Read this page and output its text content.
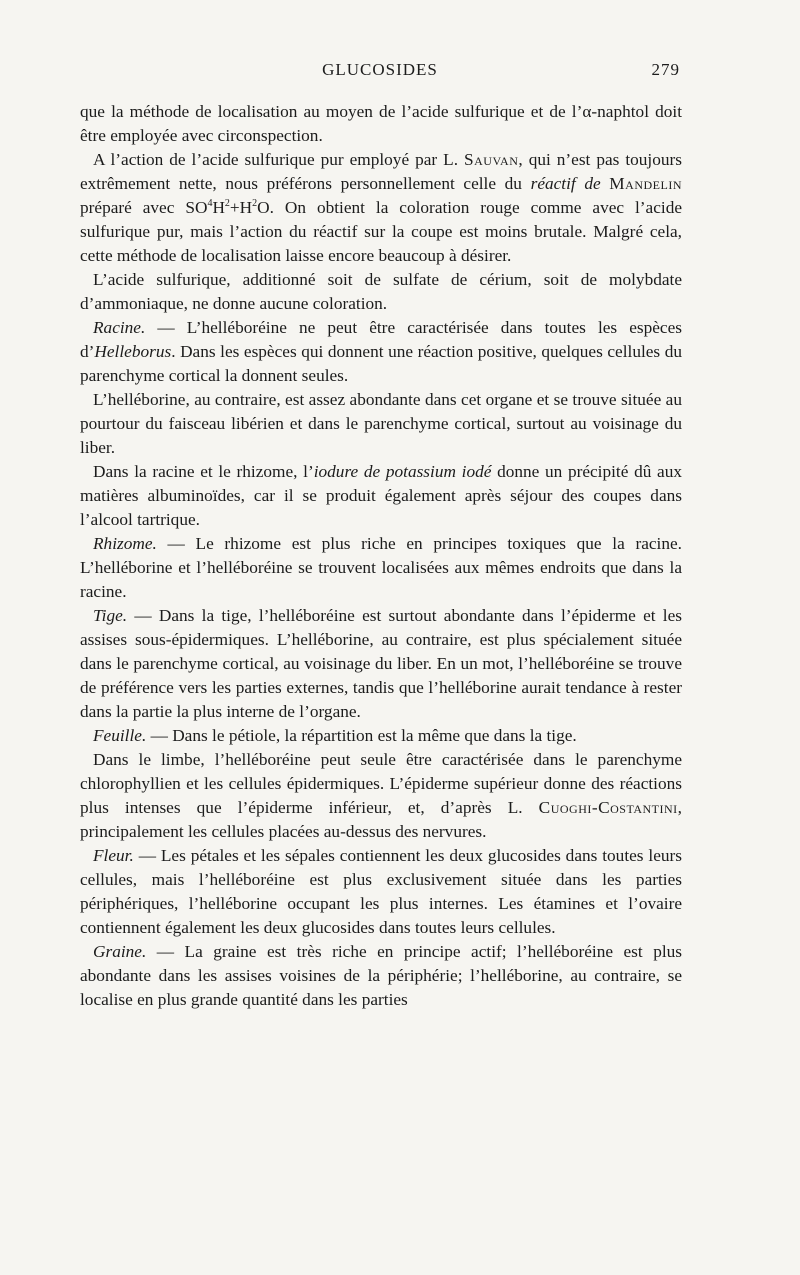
GLUCOSIDES	279

que la méthode de localisation au moyen de l’acide sulfurique et de l’α-naphtol doit être employée avec circonspection.

A l’action de l’acide sulfurique pur employé par L. Sauvan, qui n’est pas toujours extrêmement nette, nous préférons personnellement celle du réactif de Mandelin préparé avec $SO^4H^2+H^2O$. On obtient la coloration rouge comme avec l’acide sulfurique pur, mais l’action du réactif sur la coupe est moins brutale. Malgré cela, cette méthode de localisation laisse encore beaucoup à désirer.

L’acide sulfurique, additionné soit de sulfate de cérium, soit de molybdate d’ammoniaque, ne donne aucune coloration.

Racine. — L’helléboréine ne peut être caractérisée dans toutes les espèces d’Helleborus. Dans les espèces qui donnent une réaction positive, quelques cellules du parenchyme cortical la donnent seules.

L’helléborine, au contraire, est assez abondante dans cet organe et se trouve située au pourtour du faisceau libérien et dans le parenchyme cortical, surtout au voisinage du liber.

Dans la racine et le rhizome, l’iodure de potassium iodé donne un précipité dû aux matières albuminoïdes, car il se produit également après séjour des coupes dans l’alcool tartrique.

Rhizome. — Le rhizome est plus riche en principes toxiques que la racine. L’helléborine et l’helléboréine se trouvent localisées aux mêmes endroits que dans la racine.

Tige. — Dans la tige, l’helléboréine est surtout abondante dans l’épiderme et les assises sous-épidermiques. L’helléborine, au contraire, est plus spécialement située dans le parenchyme cortical, au voisinage du liber. En un mot, l’helléboréine se trouve de préférence vers les parties externes, tandis que l’helléborine aurait tendance à rester dans la partie la plus interne de l’organe.

Feuille. — Dans le pétiole, la répartition est la même que dans la tige.

Dans le limbe, l’helléboréine peut seule être caractérisée dans le parenchyme chlorophyllien et les cellules épidermiques. L’épiderme supérieur donne des réactions plus intenses que l’épiderme inférieur, et, d’après L. Cuoghi-Costantini, principalement les cellules placées au-dessus des nervures.

Fleur. — Les pétales et les sépales contiennent les deux glucosides dans toutes leurs cellules, mais l’helléboréine est plus exclusivement située dans les parties périphériques, l’helléborine occupant les plus internes. Les étamines et l’ovaire contiennent également les deux glucosides dans toutes leurs cellules.

Graine. — La graine est très riche en principe actif; l’helléboréine est plus abondante dans les assises voisines de la périphérie; l’helléborine, au contraire, se localise en plus grande quantité dans les parties
